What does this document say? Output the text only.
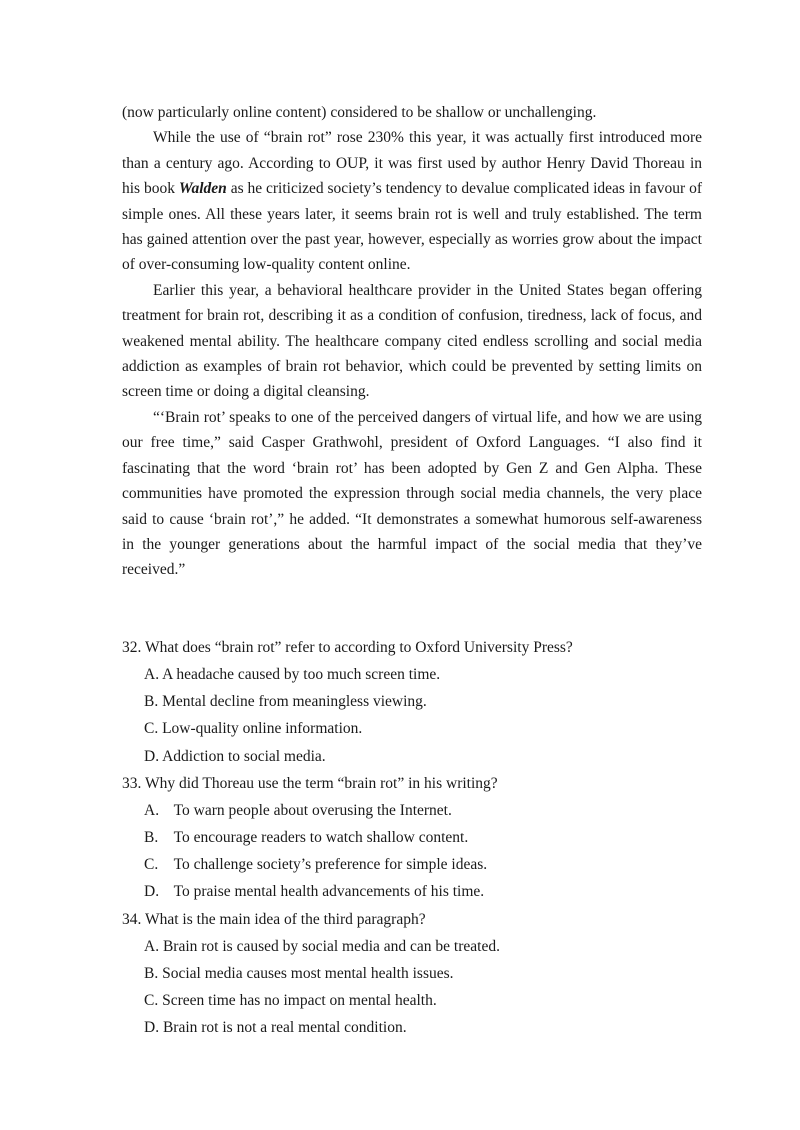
(now particularly online content) considered to be shallow or unchallenging.

While the use of “brain rot” rose 230% this year, it was actually first introduced more than a century ago. According to OUP, it was first used by author Henry David Thoreau in his book Walden as he criticized society’s tendency to devalue complicated ideas in favour of simple ones. All these years later, it seems brain rot is well and truly established. The term has gained attention over the past year, however, especially as worries grow about the impact of over-consuming low-quality content online.

Earlier this year, a behavioral healthcare provider in the United States began offering treatment for brain rot, describing it as a condition of confusion, tiredness, lack of focus, and weakened mental ability. The healthcare company cited endless scrolling and social media addiction as examples of brain rot behavior, which could be prevented by setting limits on screen time or doing a digital cleansing.

“‘Brain rot’ speaks to one of the perceived dangers of virtual life, and how we are using our free time,” said Casper Grathwohl, president of Oxford Languages. “I also find it fascinating that the word ‘brain rot’ has been adopted by Gen Z and Gen Alpha. These communities have promoted the expression through social media channels, the very place said to cause ‘brain rot’,” he added. “It demonstrates a somewhat humorous self-awareness in the younger generations about the harmful impact of the social media that they’ve received.”

32. What does “brain rot” refer to according to Oxford University Press?
A. A headache caused by too much screen time.
B. Mental decline from meaningless viewing.
C. Low-quality online information.
D. Addiction to social media.
33. Why did Thoreau use the term “brain rot” in his writing?
A. To warn people about overusing the Internet.
B. To encourage readers to watch shallow content.
C. To challenge society’s preference for simple ideas.
D. To praise mental health advancements of his time.
34. What is the main idea of the third paragraph?
A. Brain rot is caused by social media and can be treated.
B. Social media causes most mental health issues.
C. Screen time has no impact on mental health.
D. Brain rot is not a real mental condition.
